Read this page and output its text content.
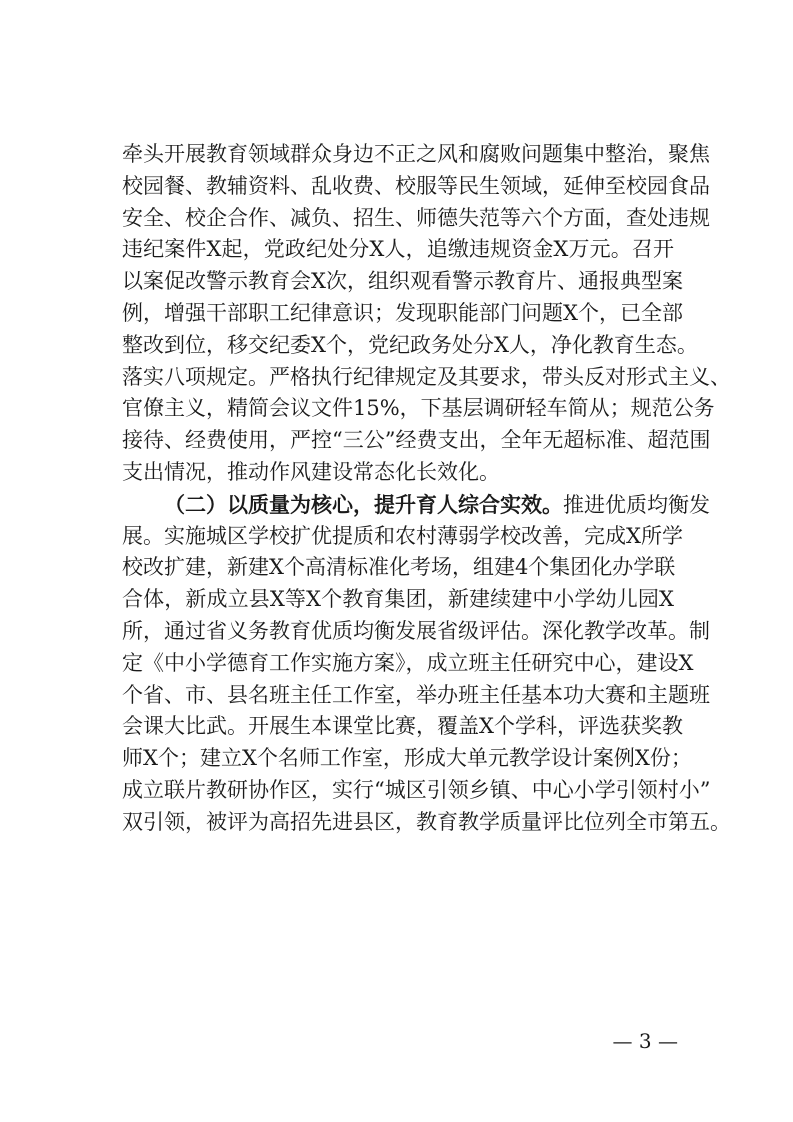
牵头开展教育领域群众身边不正之风和腐败问题集中整治，聚焦
校园餐、教辅资料、乱收费、校服等民生领域，延伸至校园食品
安全、校企合作、减负、招生、师德失范等六个方面，查处违规
违纪案件X起，党政纪处分X人，追缴违规资金X万元。召开
以案促改警示教育会X次，组织观看警示教育片、通报典型案
例，增强干部职工纪律意识；发现职能部门问题X个，已全部
整改到位，移交纪委X个，党纪政务处分X人，净化教育生态。
落实八项规定。严格执行纪律规定及其要求，带头反对形式主义、
官僚主义，精简会议文件15%，下基层调研轻车简从；规范公务
接待、经费使用，严控“三公”经费支出，全年无超标准、超范围
支出情况，推动作风建设常态化长效化。
（二）以质量为核心，提升育人综合实效。推进优质均衡发
展。实施城区学校扩优提质和农村薄弱学校改善，完成X所学
校改扩建，新建X个高清标准化考场，组建4个集团化办学联
合体，新成立县X等X个教育集团，新建续建中小学幼儿园X
所，通过省义务教育优质均衡发展省级评估。深化教学改革。制
定《中小学德育工作实施方案》，成立班主任研究中心，建设X
个省、市、县名班主任工作室，举办班主任基本功大赛和主题班
会课大比武。开展生本课堂比赛，覆盖X个学科，评选获奖教
师X个；建立X个名师工作室，形成大单元教学设计案例X份；
成立联片教研协作区，实行“城区引领乡镇、中心小学引领村小”
双引领，被评为高招先进县区，教育教学质量评比位列全市第五。
— 3 —
